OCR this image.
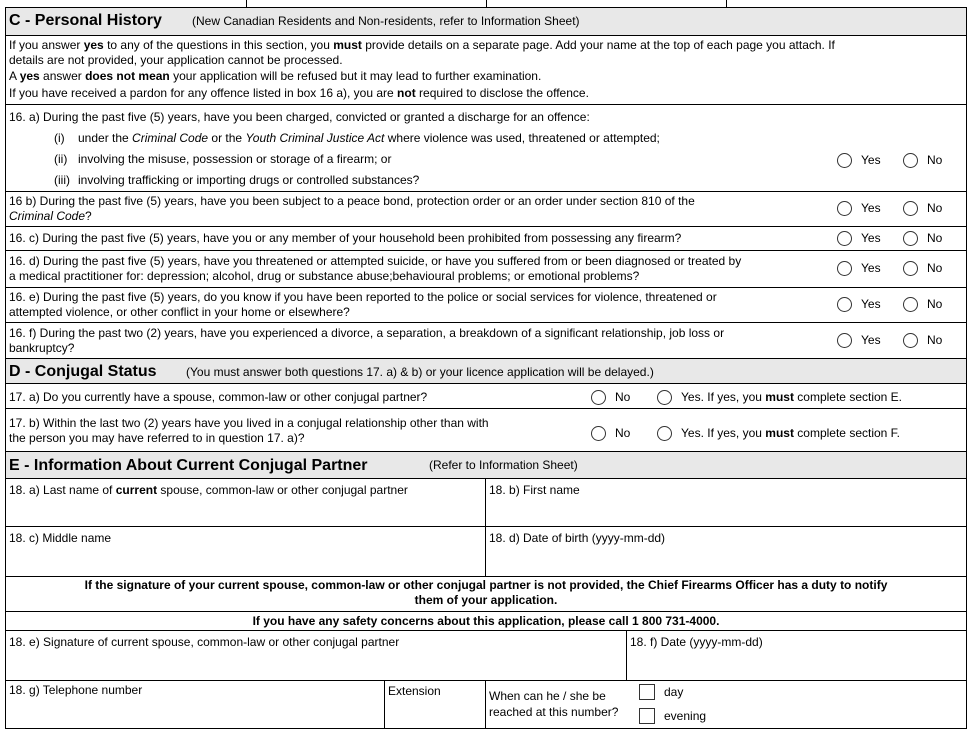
C - Personal History	(New Canadian Residents and Non-residents, refer to Information Sheet)
If you answer yes to any of the questions in this section, you must provide details on a separate page. Add your name at the top of each page you attach. If
details are not provided, your application cannot be processed.
A yes answer does not mean your application will be refused but it may lead to further examination.
If you have received a pardon for any offence listed in box 16 a), you are not required to disclose the offence.
16. a) During the past five (5) years, have you been charged, convicted or granted a discharge for an offence:
(i) under the Criminal Code or the Youth Criminal Justice Act where violence was used, threatened or attempted;
(ii) involving the misuse, possession or storage of a firearm; or
(iii) involving trafficking or importing drugs or controlled substances?
Yes	No
16 b) During the past five (5) years, have you been subject to a peace bond, protection order or an order under section 810 of the
Criminal Code?
Yes	No
16. c) During the past five (5) years, have you or any member of your household been prohibited from possessing any firearm?	Yes	No
16. d) During the past five (5) years, have you threatened or attempted suicide, or have you suffered from or been diagnosed or treated by
a medical practitioner for: depression; alcohol, drug or substance abuse;behavioural problems; or emotional problems?
Yes	No
16. e) During the past five (5) years, do you know if you have been reported to the police or social services for violence, threatened or
attempted violence, or other conflict in your home or elsewhere?
Yes	No
16. f) During the past two (2) years, have you experienced a divorce, a separation, a breakdown of a significant relationship, job loss or
bankruptcy?
Yes	No
D - Conjugal Status (You must answer both questions 17. a) & b) or your licence application will be delayed.)
17. a) Do you currently have a spouse, common-law or other conjugal partner?	No	Yes. If yes, you must complete section E.
17. b) Within the last two (2) years have you lived in a conjugal relationship other than with
the person you may have referred to in question 17. a)?	No	Yes. If yes, you must complete section F.
E - Information About Current Conjugal Partner	(Refer to Information Sheet)
18. a) Last name of current spouse, common-law or other conjugal partner	18. b) First name
18. c) Middle name	18. d) Date of birth (yyyy-mm-dd)
If the signature of your current spouse, common-law or other conjugal partner is not provided, the Chief Firearms Officer has a duty to notify
them of your application.
If you have any safety concerns about this application, please call 1 800 731-4000.
18. e) Signature of current spouse, common-law or other conjugal partner	18. f) Date (yyyy-mm-dd)
18. g) Telephone number	Extension	When can he / she be
reached at this number?
day
evening
